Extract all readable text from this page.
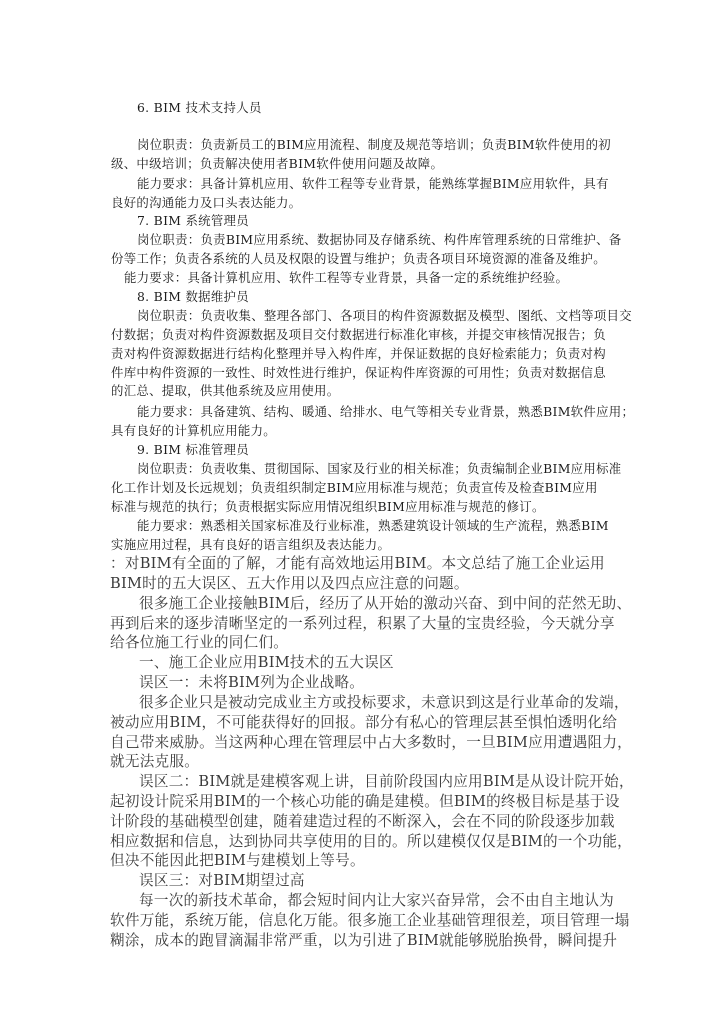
6. BIM 技术支持人员
岗位职责：负责新员工的BIM应用流程、制度及规范等培训；负责BIM软件使用的初
级、中级培训；负责解决使用者BIM软件使用问题及故障。
能力要求：具备计算机应用、软件工程等专业背景，能熟练掌握BIM应用软件，具有
良好的沟通能力及口头表达能力。
7. BIM 系统管理员
岗位职责：负责BIM应用系统、数据协同及存储系统、构件库管理系统的日常维护、备
份等工作；负责各系统的人员及权限的设置与维护；负责各项目环境资源的准备及维护。
能力要求：具备计算机应用、软件工程等专业背景，具备一定的系统维护经验。
8. BIM 数据维护员
岗位职责：负责收集、整理各部门、各项目的构件资源数据及模型、图纸、文档等项目交
付数据；负责对构件资源数据及项目交付数据进行标准化审核，并提交审核情况报告；负
责对构件资源数据进行结构化整理并导入构件库，并保证数据的良好检索能力；负责对构
件库中构件资源的一致性、时效性进行维护，保证构件库资源的可用性；负责对数据信息
的汇总、提取，供其他系统及应用使用。
能力要求：具备建筑、结构、暖通、给排水、电气等相关专业背景，熟悉BIM软件应用；
具有良好的计算机应用能力。
9. BIM 标准管理员
岗位职责：负责收集、贯彻国际、国家及行业的相关标准；负责编制企业BIM应用标准
化工作计划及长远规划；负责组织制定BIM应用标准与规范；负责宣传及检查BIM应用
标准与规范的执行；负责根据实际应用情况组织BIM应用标准与规范的修订。
能力要求：熟悉相关国家标准及行业标准，熟悉建筑设计领域的生产流程，熟悉BIM
实施应用过程，具有良好的语言组织及表达能力。
：对BIM有全面的了解，才能有高效地运用BIM。本文总结了施工企业运用
BIM时的五大误区、五大作用以及四点应注意的问题。
很多施工企业接触BIM后，经历了从开始的激动兴奋、到中间的茫然无助、
再到后来的逐步清晰坚定的一系列过程，积累了大量的宝贵经验，今天就分享
给各位施工行业的同仁们。
一、施工企业应用BIM技术的五大误区
误区一：未将BIM列为企业战略。
很多企业只是被动完成业主方或投标要求，未意识到这是行业革命的发端，
被动应用BIM，不可能获得好的回报。部分有私心的管理层甚至惧怕透明化给
自己带来威胁。当这两种心理在管理层中占大多数时，一旦BIM应用遭遇阻力，
就无法克服。
误区二：BIM就是建模客观上讲，目前阶段国内应用BIM是从设计院开始，
起初设计院采用BIM的一个核心功能的确是建模。但BIM的终极目标是基于设
计阶段的基础模型创建，随着建造过程的不断深入，会在不同的阶段逐步加载
相应数据和信息，达到协同共享使用的目的。所以建模仅仅是BIM的一个功能，
但决不能因此把BIM与建模划上等号。
误区三：对BIM期望过高
每一次的新技术革命，都会短时间内让大家兴奋异常，会不由自主地认为
软件万能，系统万能，信息化万能。很多施工企业基础管理很差，项目管理一塌
糊涂，成本的跑冒滴漏非常严重，以为引进了BIM就能够脱胎换骨，瞬间提升
